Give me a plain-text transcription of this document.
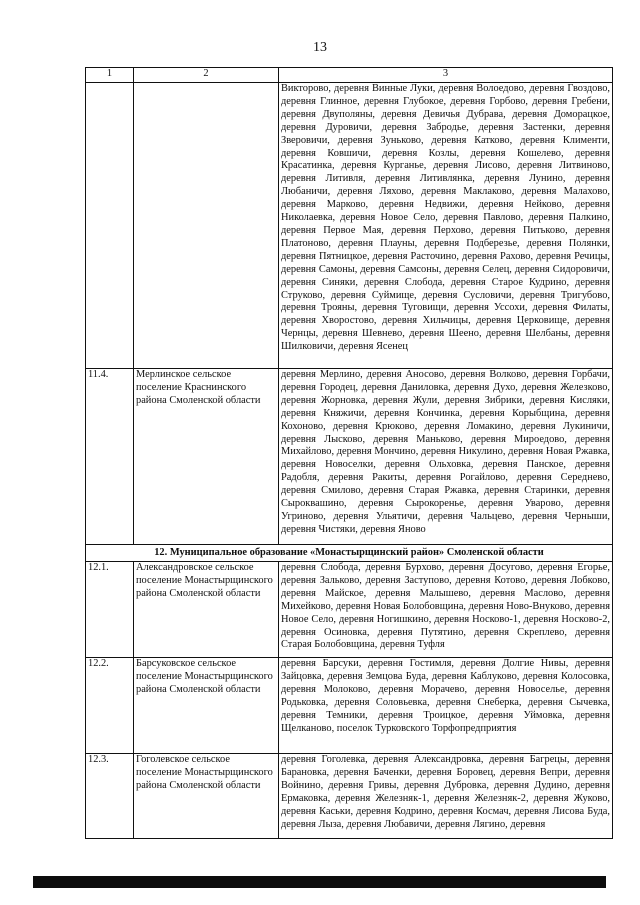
13
1	2	3
		Викторово, деревня Винные Луки, деревня Волоедово, деревня Гвоздово, деревня Глинное, деревня Глубокое, деревня Горбово, деревня Гребени, деревня Двуполяны, деревня Девичья Дубрава, деревня Доморацкое, деревня Дуровичи, деревня Забродье, деревня Застенки, деревня Зверовичи, деревня Зуньково, деревня Катково, деревня Клименти, деревня Ковшичи, деревня Козлы, деревня Кошелево, деревня Красатинка, деревня Курганье, деревня Лисово, деревня Литвиново, деревня Литивля, деревня Литивлянка, деревня Лунино, деревня Любаничи, деревня Ляхово, деревня Маклаково, деревня Малахово, деревня Марково, деревня Недвижи, деревня Нейково, деревня Николаевка, деревня Новое Село, деревня Павлово, деревня Палкино, деревня Первое Мая, деревня Перхово, деревня Питьково, деревня Платоново, деревня Плауны, деревня Подберезье, деревня Полянки, деревня Пятницкое, деревня Расточино, деревня Рахово, деревня Речицы, деревня Самоны, деревня Самсоны, деревня Селец, деревня Сидоровичи, деревня Синяки, деревня Слобода, деревня Старое Кудрино, деревня Струково, деревня Суймище, деревня Сусловичи, деревня Тригубово, деревня Трояны, деревня Туговищи, деревня Уссохи, деревня Филаты, деревня Хворостово, деревня Хильчицы, деревня Церковище, деревня Чернцы, деревня Шевнево, деревня Шеено, деревня Шелбаны, деревня Шилковичи, деревня Ясенец
11.4.	Мерлинское сельское поселение Краснинского района Смоленской области	деревня Мерлино, деревня Аносово, деревня Волково, деревня Горбачи, деревня Городец, деревня Даниловка, деревня Духо, деревня Железково, деревня Жорновка, деревня Жули, деревня Зибрики, деревня Кисляки, деревня Княжичи, деревня Кончинка, деревня Корыбщина, деревня Кохоново, деревня Крюково, деревня Ломакино, деревня Лукиничи, деревня Лысково, деревня Маньково, деревня Мироедово, деревня Михайлово, деревня Мончино, деревня Никулино, деревня Новая Ржавка, деревня Новоселки, деревня Ольховка, деревня Панское, деревня Радобля, деревня Ракиты, деревня Рогайлово, деревня Середнево, деревня Смилово, деревня Старая Ржавка, деревня Старинки, деревня Сыроквашино, деревня Сырокоренье, деревня Уварово, деревня Угриново, деревня Ульятичи, деревня Чальцево, деревня Черныши, деревня Чистяки, деревня Яново
12. Муниципальное образование «Монастырщинский район» Смоленской области		
12.1.	Александровское сельское поселение Монастырщинского района Смоленской области	деревня Слобода, деревня Бурхово, деревня Досугово, деревня Егорье, деревня Зальково, деревня Заступово, деревня Котово, деревня Лобково, деревня Майское, деревня Малышево, деревня Маслово, деревня Михейково, деревня Новая Болобовщина, деревня Ново-Внуково, деревня Новое Село, деревня Ногишкино, деревня Носково-1, деревня Носково-2, деревня Осиновка, деревня Путятино, деревня Скреплево, деревня Старая Болобовщина, деревня Туфля
12.2.	Барсуковское сельское поселение Монастырщинского района Смоленской области	деревня Барсуки, деревня Гостимля, деревня Долгие Нивы, деревня Зайцовка, деревня Земцова Буда, деревня Каблуково, деревня Колосовка, деревня Молоково, деревня Морачево, деревня Новоселье, деревня Родьковка, деревня Соловьевка, деревня Снеберка, деревня Сычевка, деревня Темники, деревня Троицкое, деревня Уймовка, деревня Щелканово, поселок Турковского Торфопредприятия
12.3.	Гоголевское сельское поселение Монастырщинского района Смоленской области	деревня Гоголевка, деревня Александровка, деревня Багрецы, деревня Барановка, деревня Баченки, деревня Боровец, деревня Вепри, деревня Войнино, деревня Гривы, деревня Дубровка, деревня Дудино, деревня Ермаковка, деревня Железняк-1, деревня Железняк-2, деревня Жуково, деревня Каськи, деревня Кодрино, деревня Космач, деревня Лисова Буда, деревня Лыза, деревня Любавичи, деревня Лягино, деревня
